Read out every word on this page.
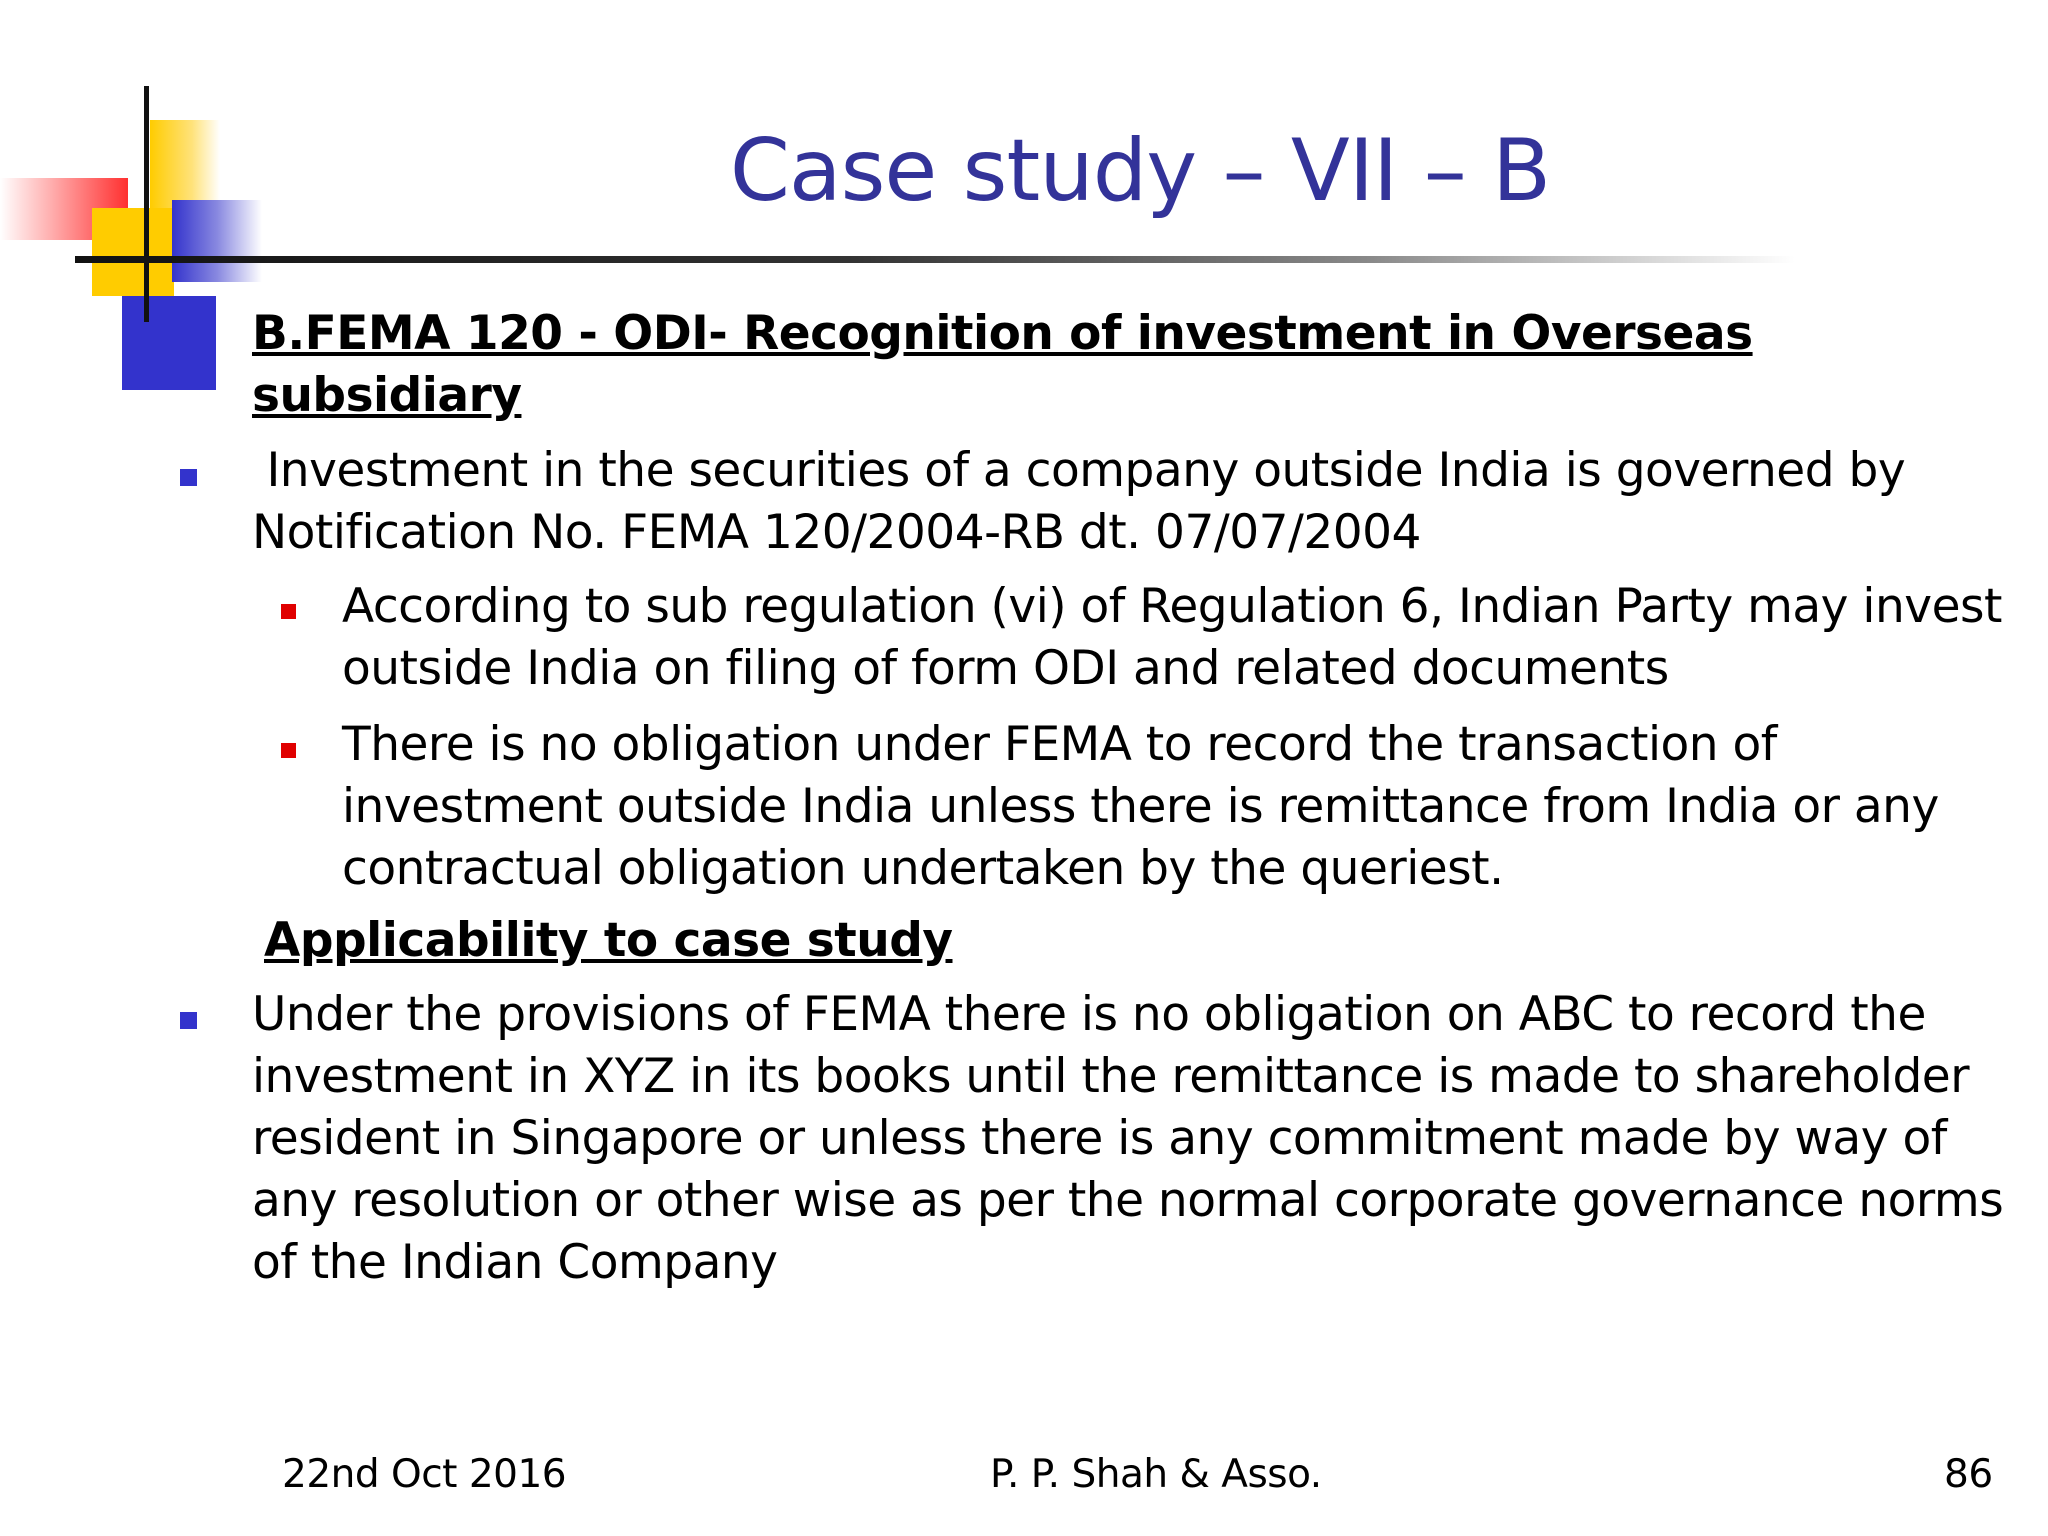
Case study – VII – B
B.FEMA 120 - ODI- Recognition of investment in Overseas
subsidiary
Investment in the securities of a company outside India is governed by
Notification No. FEMA 120/2004-RB dt. 07/07/2004
According to sub regulation (vi) of Regulation 6, Indian Party may invest
outside India on filing of form ODI and related documents
There is no obligation under FEMA to record the transaction of
investment outside India unless there is remittance from India or any
contractual obligation undertaken by the queriest.
Applicability to case study
Under the provisions of FEMA there is no obligation on ABC to record the
investment in XYZ in its books until the remittance is made to shareholder
resident in Singapore or unless there is any commitment made by way of
any resolution or other wise as per the normal corporate governance norms
of the Indian Company
22nd Oct 2016	P. P. Shah & Asso.	86
